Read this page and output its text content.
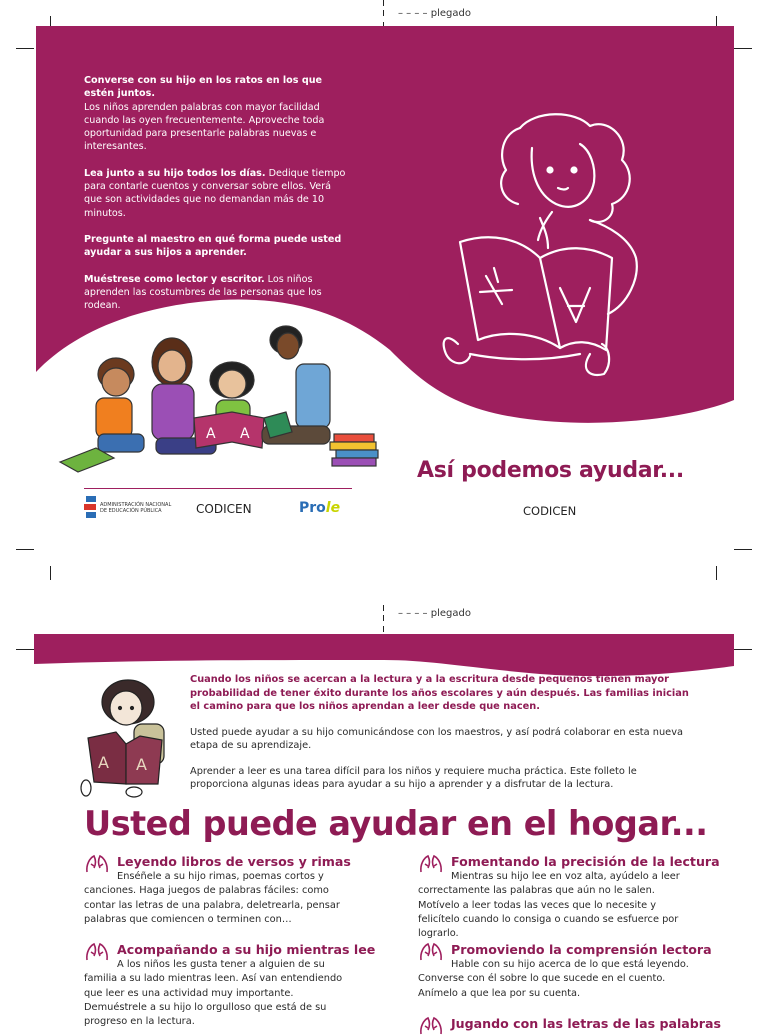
– – – – plegado
– – – – plegado

Converse con su hijo en los ratos en los que estén juntos.
Los niños aprenden palabras con mayor facilidad cuando las oyen frecuentemente. Aproveche toda oportunidad para presentarle palabras nuevas e interesantes.

Lea junto a su hijo todos los días. Dedique tiempo para contarle cuentos y conversar sobre ellos. Verá que son actividades que no demandan más de 10 minutos.

Pregunte al maestro en qué forma puede usted ayudar a sus hijos a aprender.

Muéstrese como lector y escritor. Los niños aprenden las costumbres de las personas que los rodean.

A A
Así podemos ayudar...
CODICEN
ADMINISTRACIÓN NACIONAL
DE EDUCACIÓN PÚBLICA	CODICEN	Prole
A A

Cuando los niños se acercan a la lectura y a la escritura desde pequeños tienen mayor probabilidad de tener éxito durante los años escolares y aún después. Las familias inician el camino para que los niños aprendan a leer desde que nacen.

Usted puede ayudar a su hijo comunicándose con los maestros, y así podrá colaborar en esta nueva etapa de su aprendizaje.

Aprender a leer es una tarea difícil para los niños y requiere mucha práctica. Este folleto le proporciona algunas ideas para ayudar a su hijo a aprender y a disfrutar de la lectura.

Usted puede ayudar en el hogar...
Leyendo libros de versos y rimas

Enséñele a su hijo rimas, poemas cortos y canciones. Haga juegos de palabras fáciles: como contar las letras de una palabra, deletrearla, pensar palabras que comiencen o terminen con…

Acompañando a su hijo mientras lee

A los niños les gusta tener a alguien de su familia a su lado mientras leen. Así van entendiendo que leer es una actividad muy importante. Demuéstrele a su hijo lo orgulloso que está de su progreso en la lectura.

Fomentando la precisión de la lectura

Mientras su hijo lee en voz alta, ayúdelo a leer correctamente las palabras que aún no le salen. Motívelo a leer todas las veces que lo necesite y felicítelo cuando lo consiga o cuando se esfuerce por lograrlo.

Promoviendo la comprensión lectora

Hable con su hijo acerca de lo que está leyendo. Converse con él sobre lo que sucede en el cuento. Anímelo a que lea por su cuenta.

Jugando con las letras de las palabras
